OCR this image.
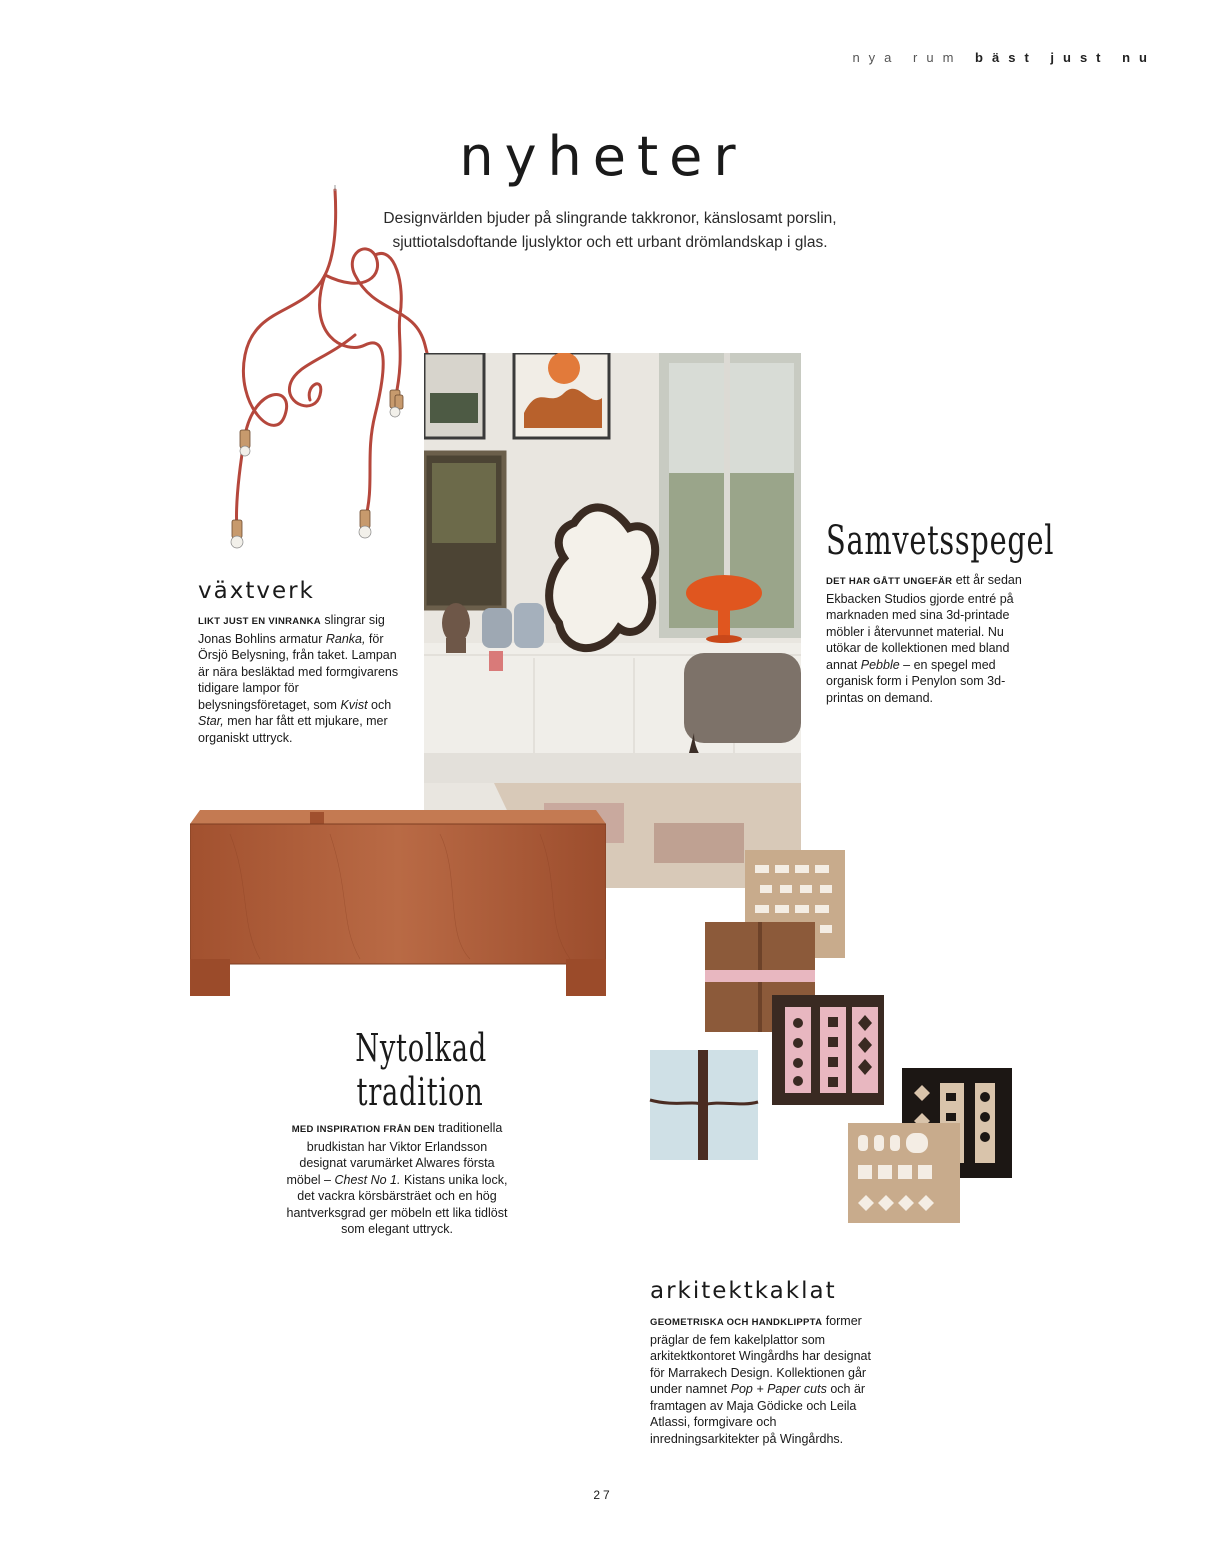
nya rum bäst just nu
nyheter
Designvärlden bjuder på slingrande takkronor, känslosamt porslin, sjuttiotalsdoftande ljuslyktor och ett urbant drömlandskap i glas.
växtverk
LIKT JUST EN VINRANKA slingrar sig Jonas Bohlins armatur Ranka, för Örsjö Belysning, från taket. Lampan är nära besläktad med formgivarens tidigare lampor för belysningsföretaget, som Kvist och Star, men har fått ett mjukare, mer organiskt uttryck.
Samvetsspegel
DET HAR GÅTT UNGEFÄR ett år sedan Ekbacken Studios gjorde entré på marknaden med sina 3d-printade möbler i återvunnet material. Nu utökar de kollektionen med bland annat Pebble – en spegel med organisk form i Penylon som 3d-printas on demand.
Nytolkad
tradition
MED INSPIRATION FRÅN DEN traditionella brudkistan har Viktor Erlandsson designat varumärket Alwares första möbel – Chest No 1. Kistans unika lock, det vackra körsbärsträet och en hög hantverksgrad ger möbeln ett lika tidlöst som elegant uttryck.
arkitektkaklat
GEOMETRISKA OCH HANDKLIPPTA former präglar de fem kakelplattor som arkitektkontoret Wingårdhs har designat för Marrakech Design. Kollektionen går under namnet Pop + Paper cuts och är framtagen av Maja Gödicke och Leila Atlassi, formgivare och inredningsarkitekter på Wingårdhs.
27
